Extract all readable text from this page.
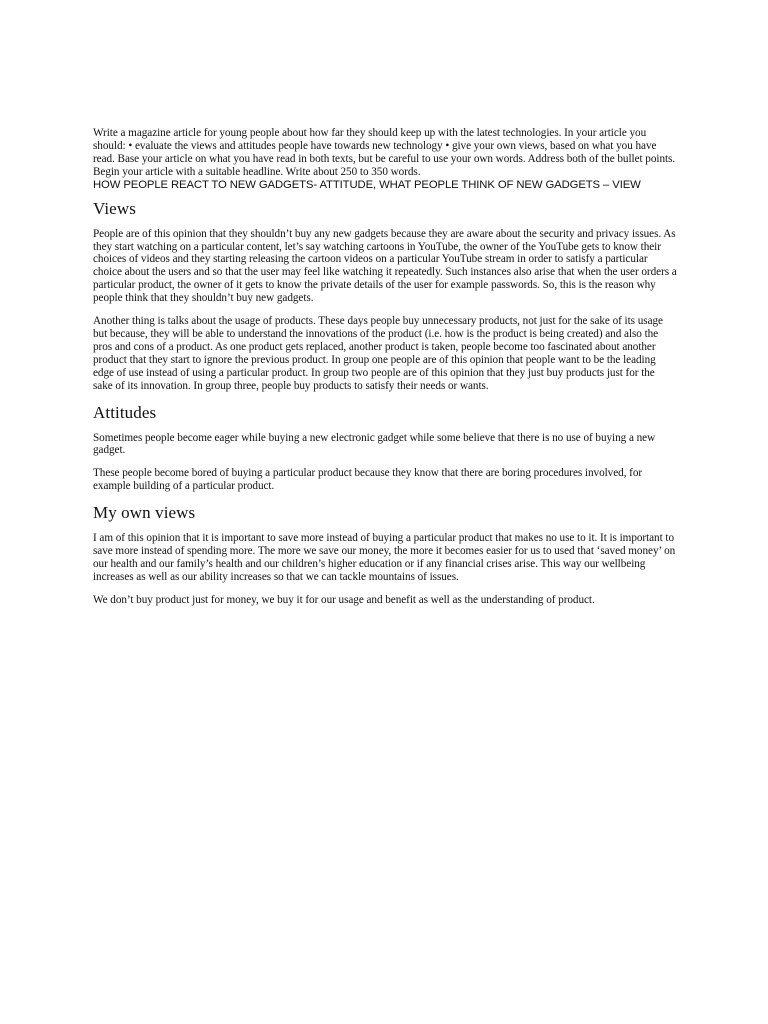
Write a magazine article for young people about how far they should keep up with the latest technologies. In your article you should: • evaluate the views and attitudes people have towards new technology • give your own views, based on what you have read. Base your article on what you have read in both texts, but be careful to use your own words. Address both of the bullet points. Begin your article with a suitable headline. Write about 250 to 350 words.

HOW PEOPLE REACT TO NEW GADGETS- ATTITUDE, WHAT PEOPLE THINK OF NEW GADGETS – VIEW

Views

People are of this opinion that they shouldn’t buy any new gadgets because they are aware about the security and privacy issues. As they start watching on a particular content, let’s say watching cartoons in YouTube, the owner of the YouTube gets to know their choices of videos and they starting releasing the cartoon videos on a particular YouTube stream in order to satisfy a particular choice about the users and so that the user may feel like watching it repeatedly. Such instances also arise that when the user orders a particular product, the owner of it gets to know the private details of the user for example passwords. So, this is the reason why people think that they shouldn’t buy new gadgets.

Another thing is talks about the usage of products. These days people buy unnecessary products, not just for the sake of its usage but because, they will be able to understand the innovations of the product (i.e. how is the product is being created) and also the pros and cons of a product. As one product gets replaced, another product is taken, people become too fascinated about another product that they start to ignore the previous product. In group one people are of this opinion that people want to be the leading edge of use instead of using a particular product. In group two people are of this opinion that they just buy products just for the sake of its innovation. In group three, people buy products to satisfy their needs or wants.

Attitudes

Sometimes people become eager while buying a new electronic gadget while some believe that there is no use of buying a new gadget.

These people become bored of buying a particular product because they know that there are boring procedures involved, for example building of a particular product.

My own views

I am of this opinion that it is important to save more instead of buying a particular product that makes no use to it. It is important to save more instead of spending more. The more we save our money, the more it becomes easier for us to used that ‘saved money’ on our health and our family’s health and our children’s higher education or if any financial crises arise. This way our wellbeing increases as well as our ability increases so that we can tackle mountains of issues.

We don’t buy product just for money, we buy it for our usage and benefit as well as the understanding of product.
